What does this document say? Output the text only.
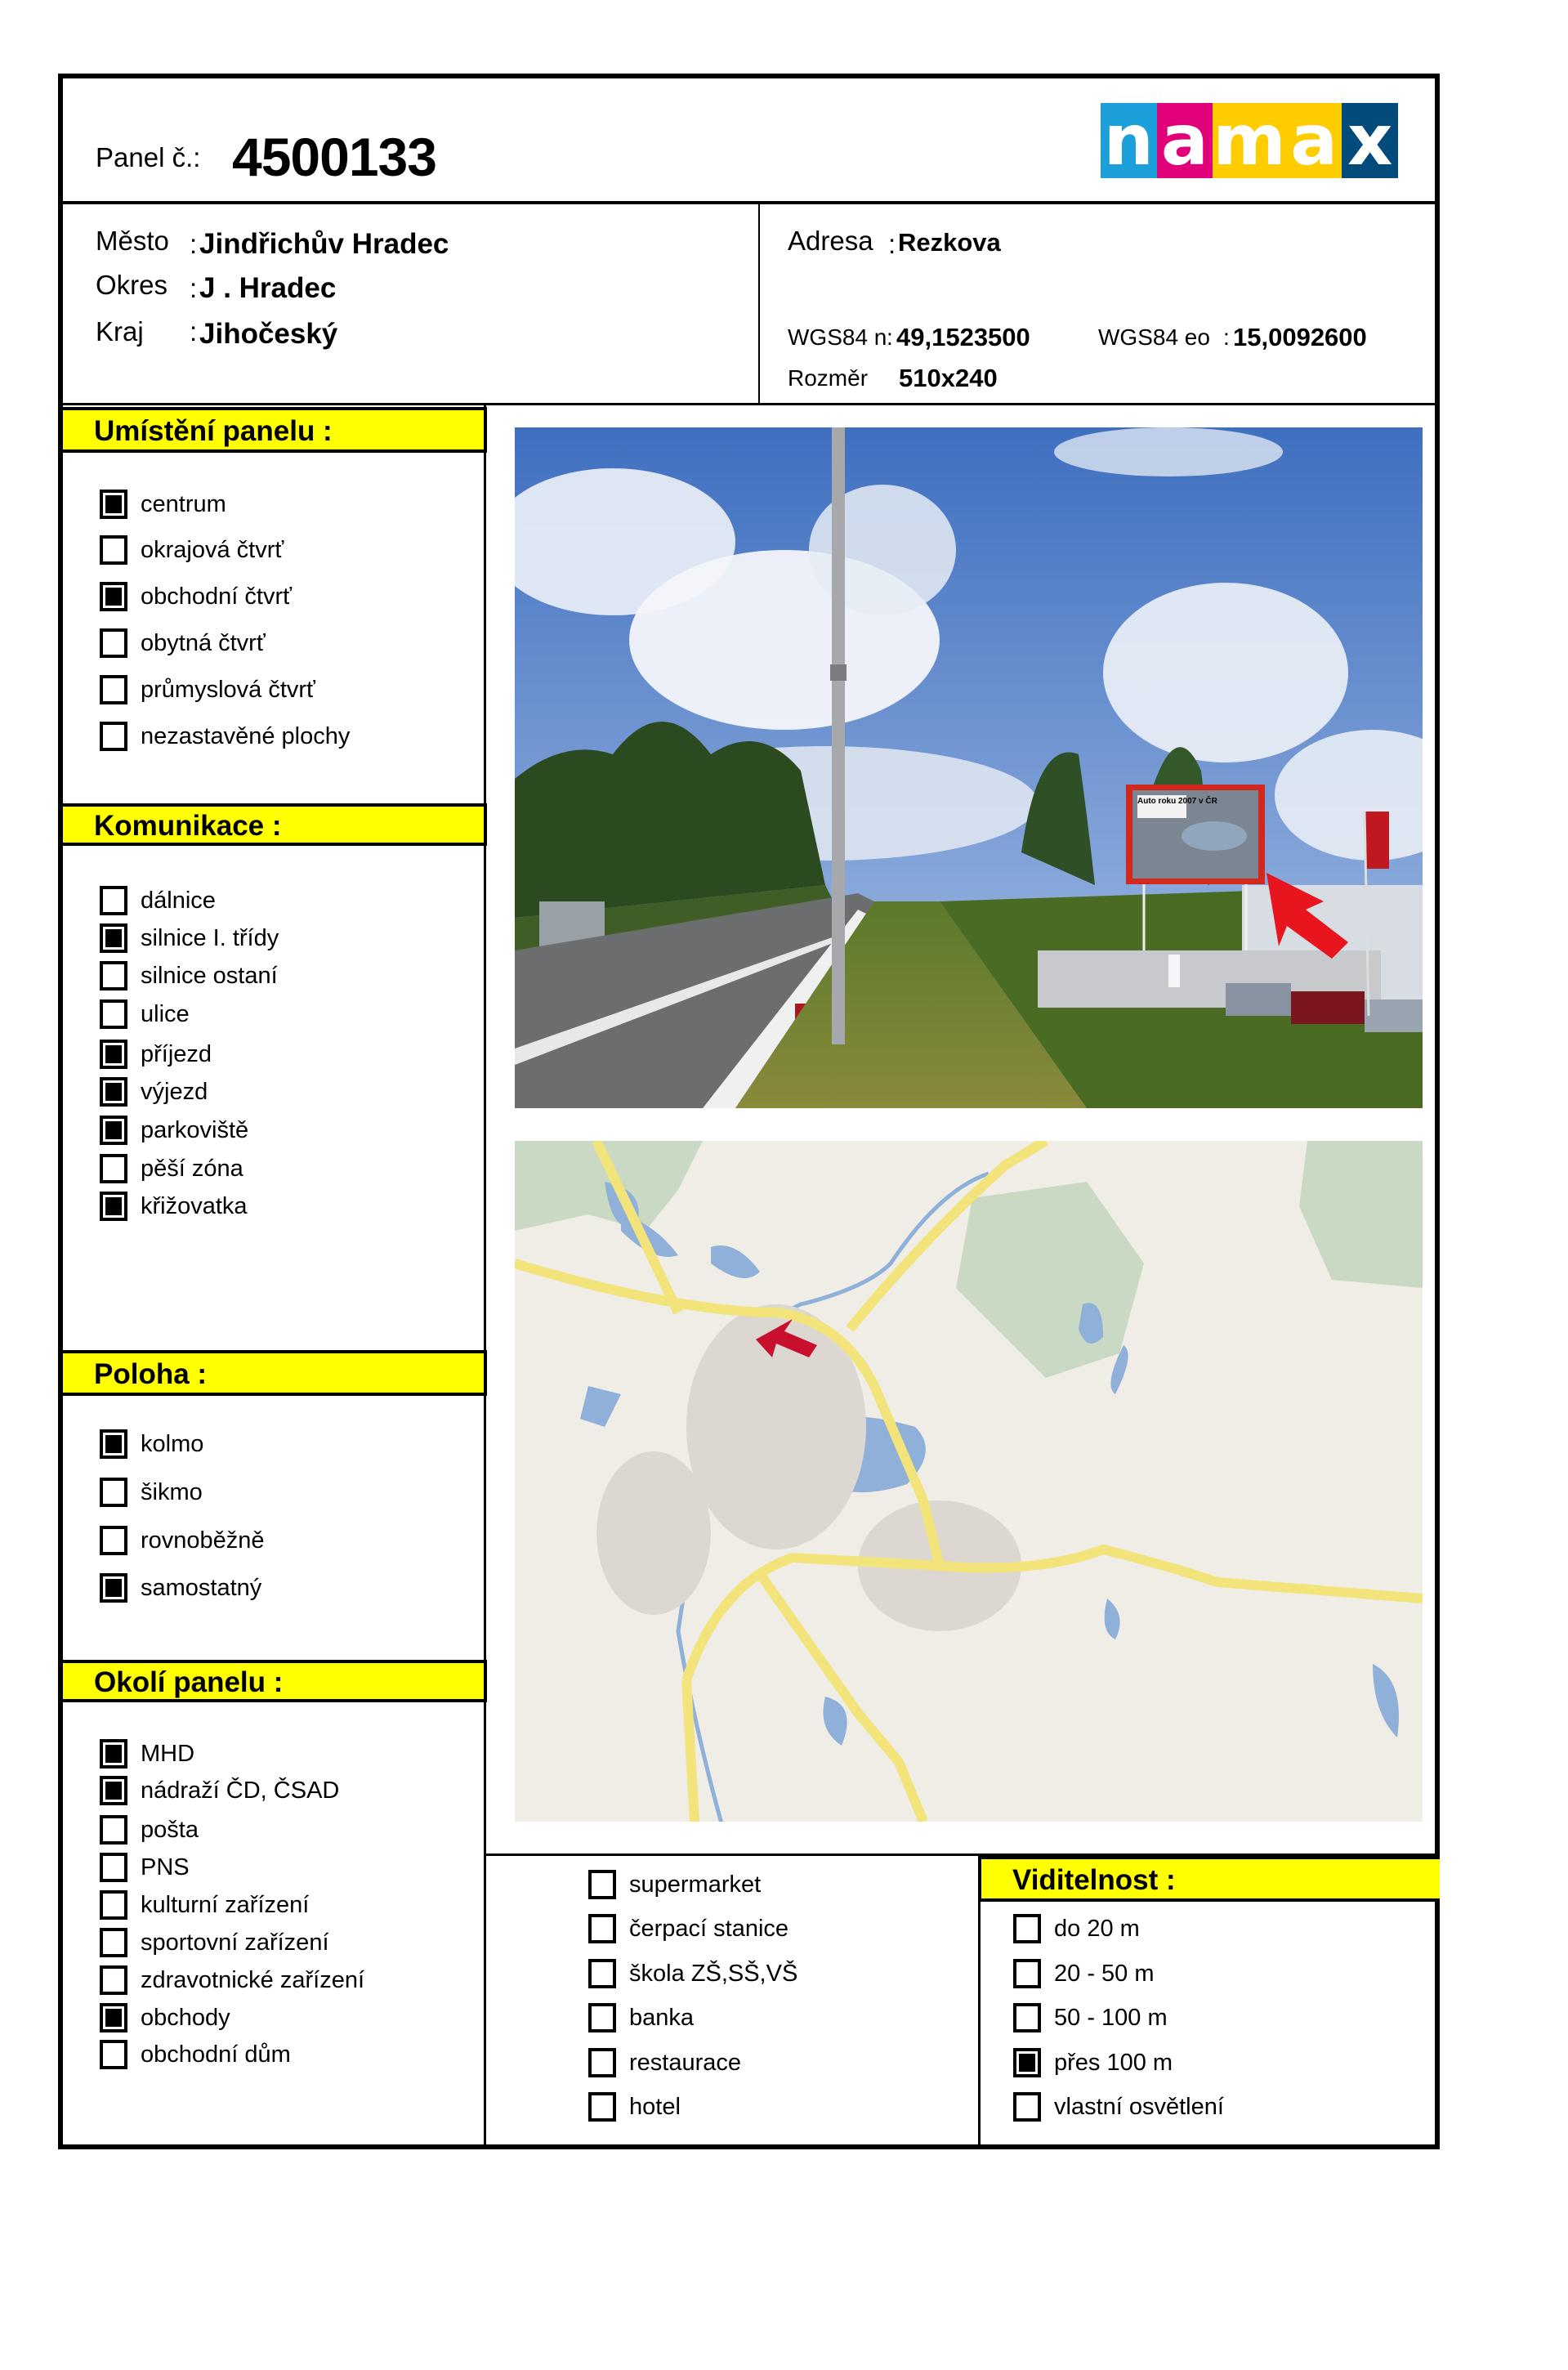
Panel č.: 4500133	n a m a x
Město : Jindřichův Hradec
Okres : J . Hradec
Kraj : Jihočeský
Adresa : Rezkova
WGS84 n : 49,1523500	WGS84 eo : 15,0092600
Rozměr 510x240
Umístění panelu :
centrum
okrajová čtvrť
obchodní čtvrť
obytná čtvrť
průmyslová čtvrť
nezastavěné plochy
Komunikace :
dálnice
silnice I. třídy
silnice ostaní
ulice
příjezd
výjezd
parkoviště
pěší zóna
křižovatka
Poloha :
kolmo
šikmo
rovnoběžně
samostatný
Okolí panelu :
MHD
nádraží ČD, ČSAD
pošta
PNS
kulturní zařízení
sportovní zařízení
zdravotnické zařízení
obchody
obchodní dům
supermarket
čerpací stanice
škola ZŠ,SŠ,VŠ
banka
restaurace
hotel
Viditelnost :
do 20 m
20 - 50 m
50 - 100 m
přes 100 m
vlastní osvětlení
Auto roku 2007 v ČR
